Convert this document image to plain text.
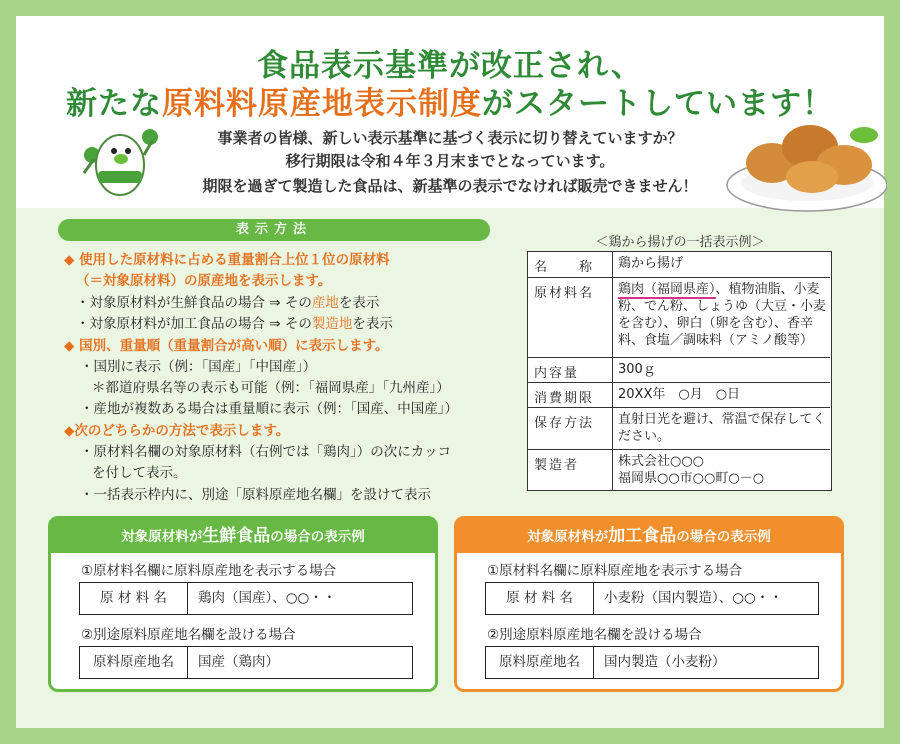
食品表示基準が改正され、
新たな原料料原産地表示制度がスタートしています！
事業者の皆様、新しい表示基準に基づく表示に切り替えていますか？
移行期限は令和４年３月末までとなっています。
期限を過ぎて製造した食品は、新基準の表示でなければ販売できません！
表示方法
◆ 使用した原材料に占める重量割合上位１位の原材料
（＝対象原材料）の原産地を表示します。
・対象原材料が生鮮食品の場合 ⇒ その産地を表示
・対象原材料が加工食品の場合 ⇒ その製造地を表示
◆ 国別、重量順（重量割合が高い順）に表示します。
・国別に表示（例：「国産」「中国産」）
＊都道府県名等の表示も可能（例：「福岡県産」「九州産」）
・産地が複数ある場合は重量順に表示（例：「国産、中国産」）
◆次のどちらかの方法で表示します。
・原材料名欄の対象原材料（右例では「鶏肉」）の次にカッコ
を付して表示。
・一括表示枠内に、別途「原料原産地名欄」を設けて表示
＜鶏から揚げの一括表示例＞
名　　称	鶏から揚げ
原材料名	鶏肉（福岡県産）、植物油脂、小麦粉、でん粉、しょうゆ（大豆・小麦を含む）、卵白（卵を含む）、香辛料、食塩／調味料（アミノ酸等）
内容量	300ｇ
消費期限	20XX年　○月　○日
保存方法	直射日光を避け、常温で保存してください。
製造者	株式会社○○○
福岡県○○市○○町○－○
対象原材料が生鮮食品の場合の表示例
①原材料名欄に原料原産地を表示する場合
原 材 料 名	鶏肉（国産）、○○・・
②別途原料原産地名欄を設ける場合
原料原産地名	国産（鶏肉）
対象原材料が加工食品の場合の表示例
①原材料名欄に原料原産地を表示する場合
原 材 料 名	小麦粉（国内製造）、○○・・
②別途原料原産地名欄を設ける場合
原料原産地名	国内製造（小麦粉）
